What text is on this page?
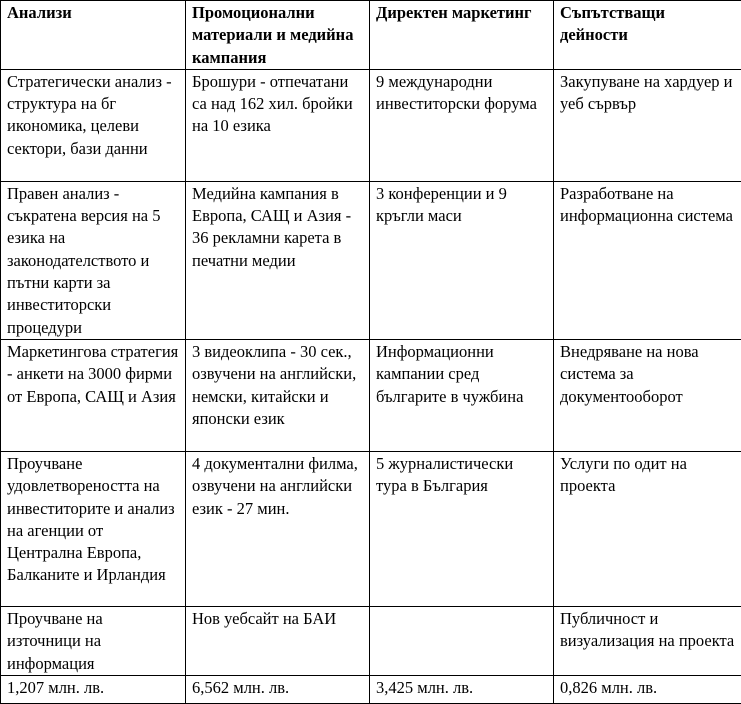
Анализи	Промоционални материали и медийна кампания	Директен маркетинг	Съпътстващи дейности
Стратегически анализ - структура на бг икономика, целеви сектори, бази данни	Брошури - отпечатани са над 162 хил. бройки на 10 езика	9 международни инвеститорски форума	Закупуване на хардуер и уеб сървър
Правен анализ - съкратена версия на 5 езика на законодателството и пътни карти за инвеститорски процедури	Медийна кампания в Европа, САЩ и Азия - 36 рекламни карета в печатни медии	3 конференции и 9 кръгли маси	Разработване на информационна система
Маркетингова стратегия - анкети на 3000 фирми от Европа, САЩ и Азия	3 видеоклипа - 30 сек., озвучени на английски, немски, китайски и японски език	Информационни кампании сред българите в чужбина	Внедряване на нова система за документооборот
Проучване удовлетвореността на инвеститорите и анализ на агенции от Централна Европа, Балканите и Ирландия	4 документални филма, озвучени на английски език - 27 мин.	5 журналистически тура в България	Услуги по одит на проекта
Проучване на източници на информация	Нов уебсайт на БАИ		Публичност и визуализация на проекта
1,207 млн. лв.	6,562 млн. лв.	3,425 млн. лв.	0,826 млн. лв.
